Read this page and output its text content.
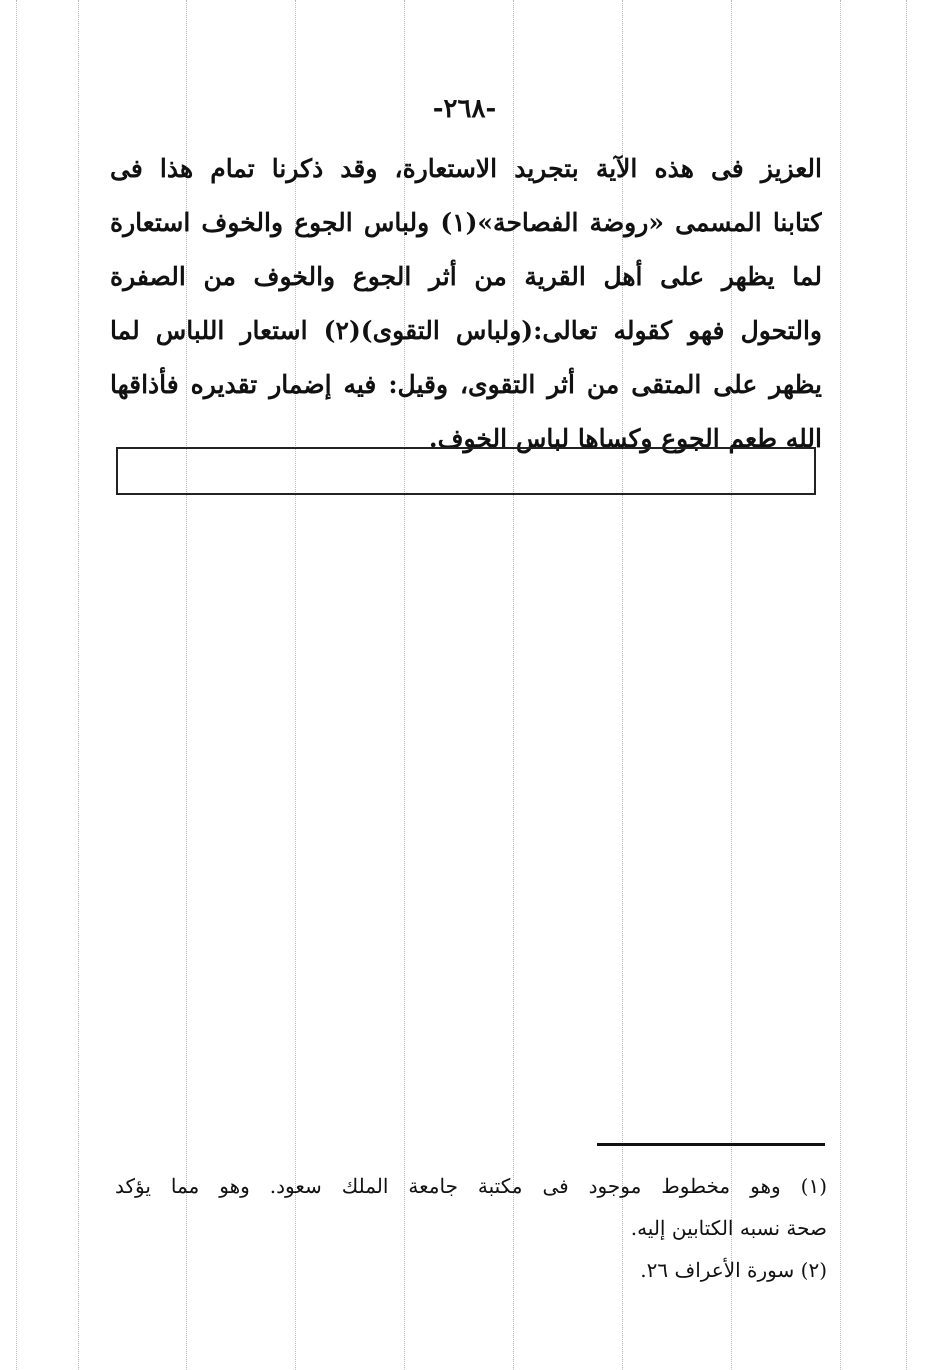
-٢٦٨-
العزيز فى هذه الآية بتجريد الاستعارة، وقد ذكرنا تمام هذا فى
كتابنا المسمى «روضة الفصاحة»(١) ولباس الجوع والخوف استعارة
لما يظهر على أهل القرية من أثر الجوع والخوف من الصفرة
والتحول فهو كقوله تعالى:(ولباس التقوى)(٢) استعار اللباس لما
يظهر على المتقى من أثر التقوى، وقيل: فيه إضمار تقديره فأذاقها
الله طعم الجوع وكساها لباس الخوف.
(١) وهو مخطوط موجود فى مكتبة جامعة الملك سعود. وهو مما يؤكد
صحة نسبه الكتابين إليه.
(٢) سورة الأعراف ٢٦.
